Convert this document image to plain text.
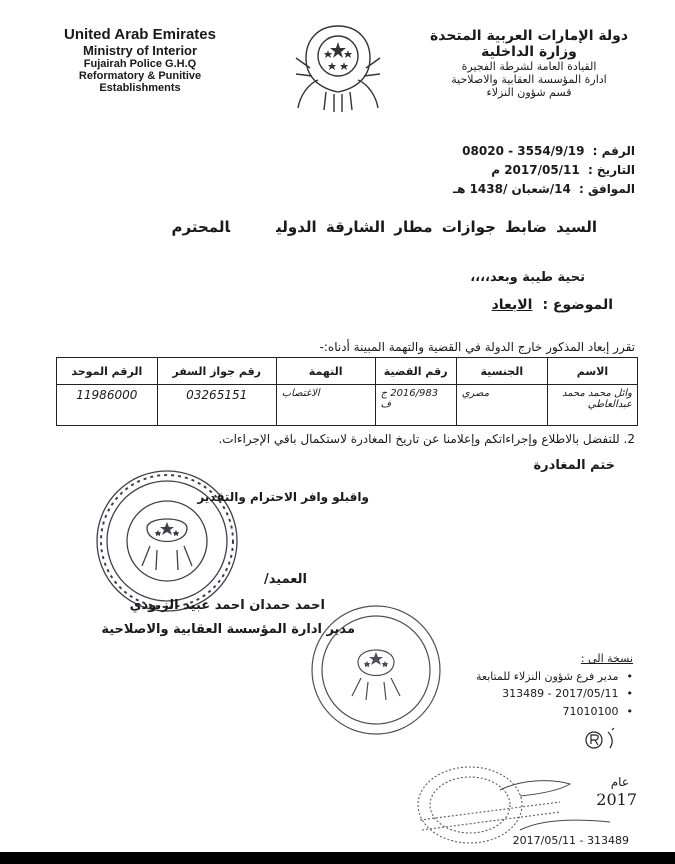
United Arab Emirates
Ministry of Interior
Fujairah Police G.H.Q
Reformatory & Punitive
Establishments
دولة الإمارات العربية المتحدة
وزارة الداخلية
القيادة العامة لشرطة الفجيرة
ادارة المؤسسة العقابية والاصلاحية
قسم شؤون النزلاء
الرقم : 3554/9/19 - 08020
التاريخ : 2017/05/11 م
الموافق : 14/شعبان /1438 هـ
السيد ضابط جوازات مطار الشارقة الدوليالمحترم
تحية طيبة وبعد،،،،
الموضوع :الابعاد
تقرر إبعاد المذكور خارج الدولة في القضية والتهمة المبينة أدناه:-
الاسم	الجنسية	رقم القضية	التهمة	رقم جواز السفر	الرقم الموحد
وائل محمد محمد عبدالعاطي	مصري	2016/983 ج ف	الاغتصاب	03265151	11986000
2. للتفضل بالاطلاع وإجراءاتكم وإعلامنا عن تاريخ المغادرة لاستكمال باقي الإجراءات.
ختم المغادرة
واقبلو وافر الاحترام والتقدير
العميد/
احمد حمدان احمد عبيد الزيودي
مدير ادارة المؤسسة العقابية والاصلاحية
نسخة الى :
•مدير فرع شؤون النزلاء للمتابعة
•2017/05/11 - 313489
•71010100
عام
2017
2017/05/11 - 313489
